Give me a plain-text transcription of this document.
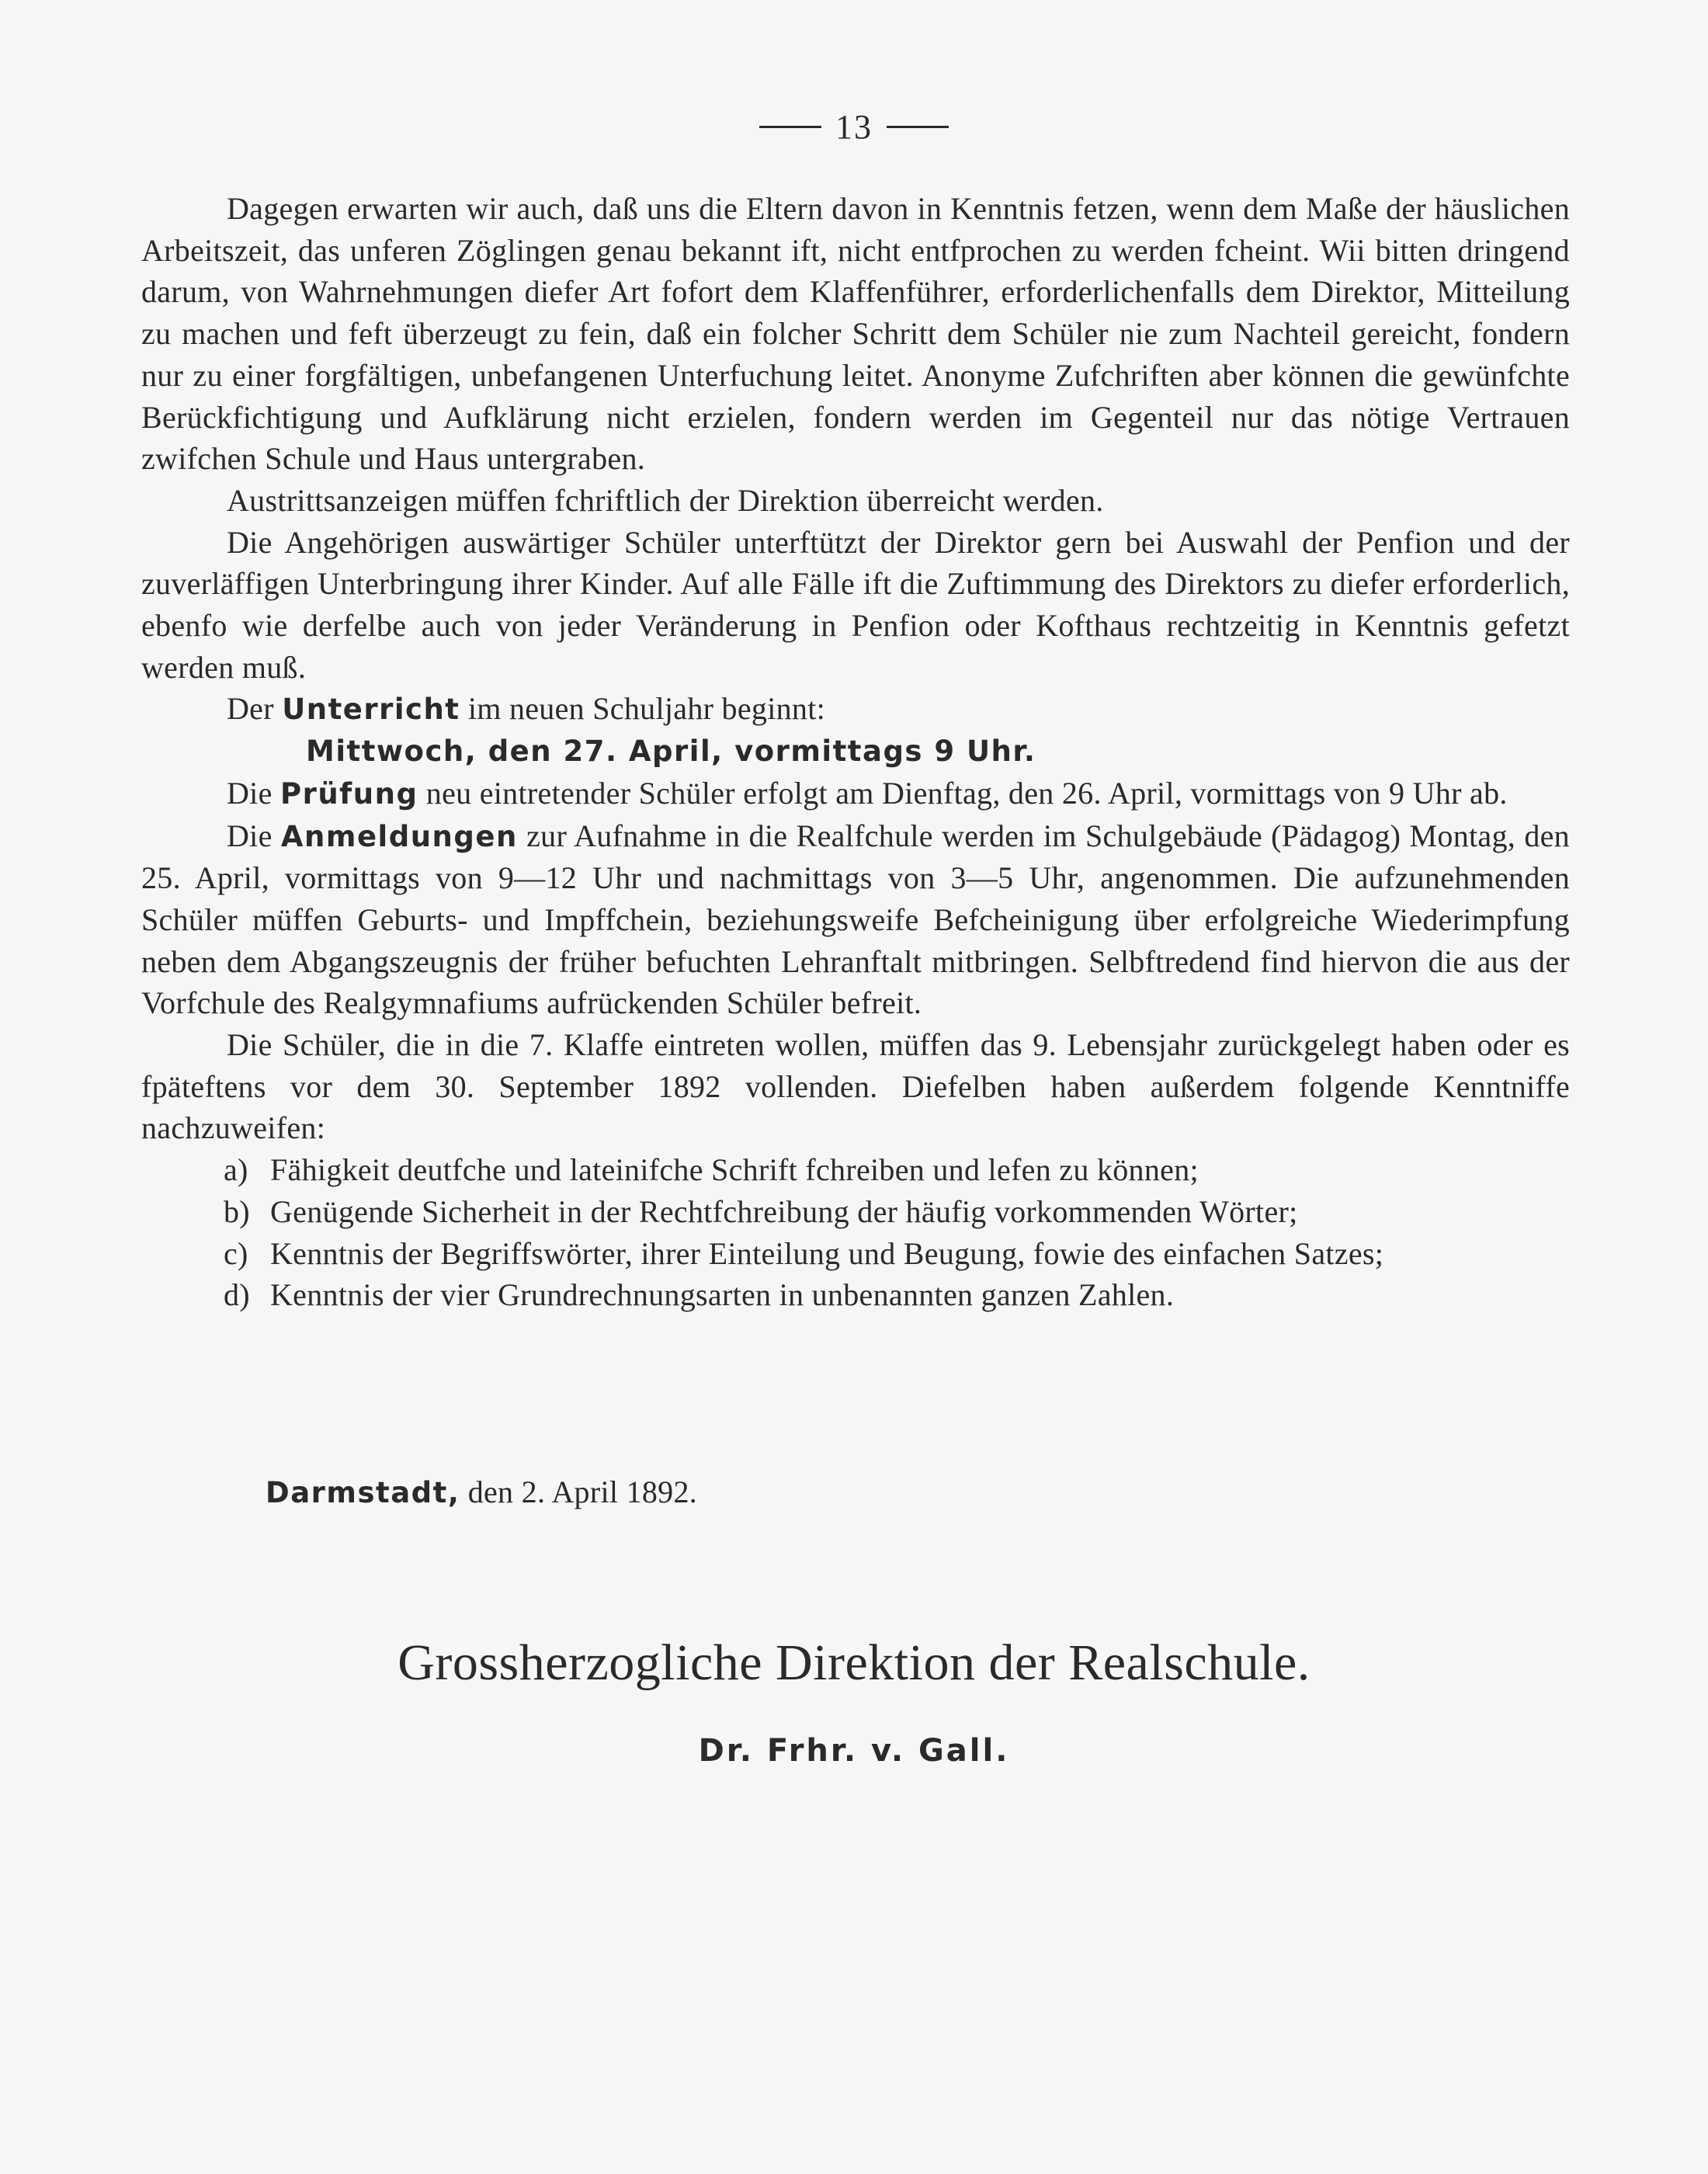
13

Dagegen erwarten wir auch, daß uns die Eltern davon in Kenntnis fetzen, wenn dem Maße der häuslichen Arbeitszeit, das unferen Zöglingen genau bekannt ift, nicht entfprochen zu werden fcheint. Wii bitten dringend darum, von Wahrnehmungen diefer Art fofort dem Klaffenführer, erforderlichenfalls dem Direktor, Mitteilung zu machen und feft überzeugt zu fein, daß ein folcher Schritt dem Schüler nie zum Nachteil gereicht, fondern nur zu einer forgfältigen, unbefangenen Unterfuchung leitet. Anonyme Zufchriften aber können die gewünfchte Berückfichtigung und Aufklärung nicht erzielen, fondern werden im Gegenteil nur das nötige Vertrauen zwifchen Schule und Haus untergraben.

Austrittsanzeigen müffen fchriftlich der Direktion überreicht werden.

Die Angehörigen auswärtiger Schüler unterftützt der Direktor gern bei Auswahl der Penfion und der zuverläffigen Unterbringung ihrer Kinder. Auf alle Fälle ift die Zuftimmung des Direktors zu diefer erforderlich, ebenfo wie derfelbe auch von jeder Veränderung in Penfion oder Kofthaus rechtzeitig in Kenntnis gefetzt werden muß.

Der Unterricht im neuen Schuljahr beginnt:

Mittwoch, den 27. April, vormittags 9 Uhr.

Die Prüfung neu eintretender Schüler erfolgt am Dienftag, den 26. April, vormittags von 9 Uhr ab.

Die Anmeldungen zur Aufnahme in die Realfchule werden im Schulgebäude (Pädagog) Montag, den 25. April, vormittags von 9—12 Uhr und nachmittags von 3—5 Uhr, angenommen. Die aufzunehmenden Schüler müffen Geburts- und Impffchein, beziehungsweife Befcheinigung über erfolgreiche Wiederimpfung neben dem Abgangszeugnis der früher befuchten Lehranftalt mitbringen. Selbftredend find hiervon die aus der Vorfchule des Realgymnafiums aufrückenden Schüler befreit.

Die Schüler, die in die 7. Klaffe eintreten wollen, müffen das 9. Lebensjahr zurückgelegt haben oder es fpäteftens vor dem 30. September 1892 vollenden. Diefelben haben außerdem folgende Kenntniffe nachzuweifen:

a) Fähigkeit deutfche und lateinifche Schrift fchreiben und lefen zu können;
b) Genügende Sicherheit in der Rechtfchreibung der häufig vorkommenden Wörter;
c) Kenntnis der Begriffswörter, ihrer Einteilung und Beugung, fowie des einfachen Satzes;
d) Kenntnis der vier Grundrechnungsarten in unbenannten ganzen Zahlen.
Darmstadt, den 2. April 1892.
Grossherzogliche Direktion der Realschule.
Dr. Frhr. v. Gall.
